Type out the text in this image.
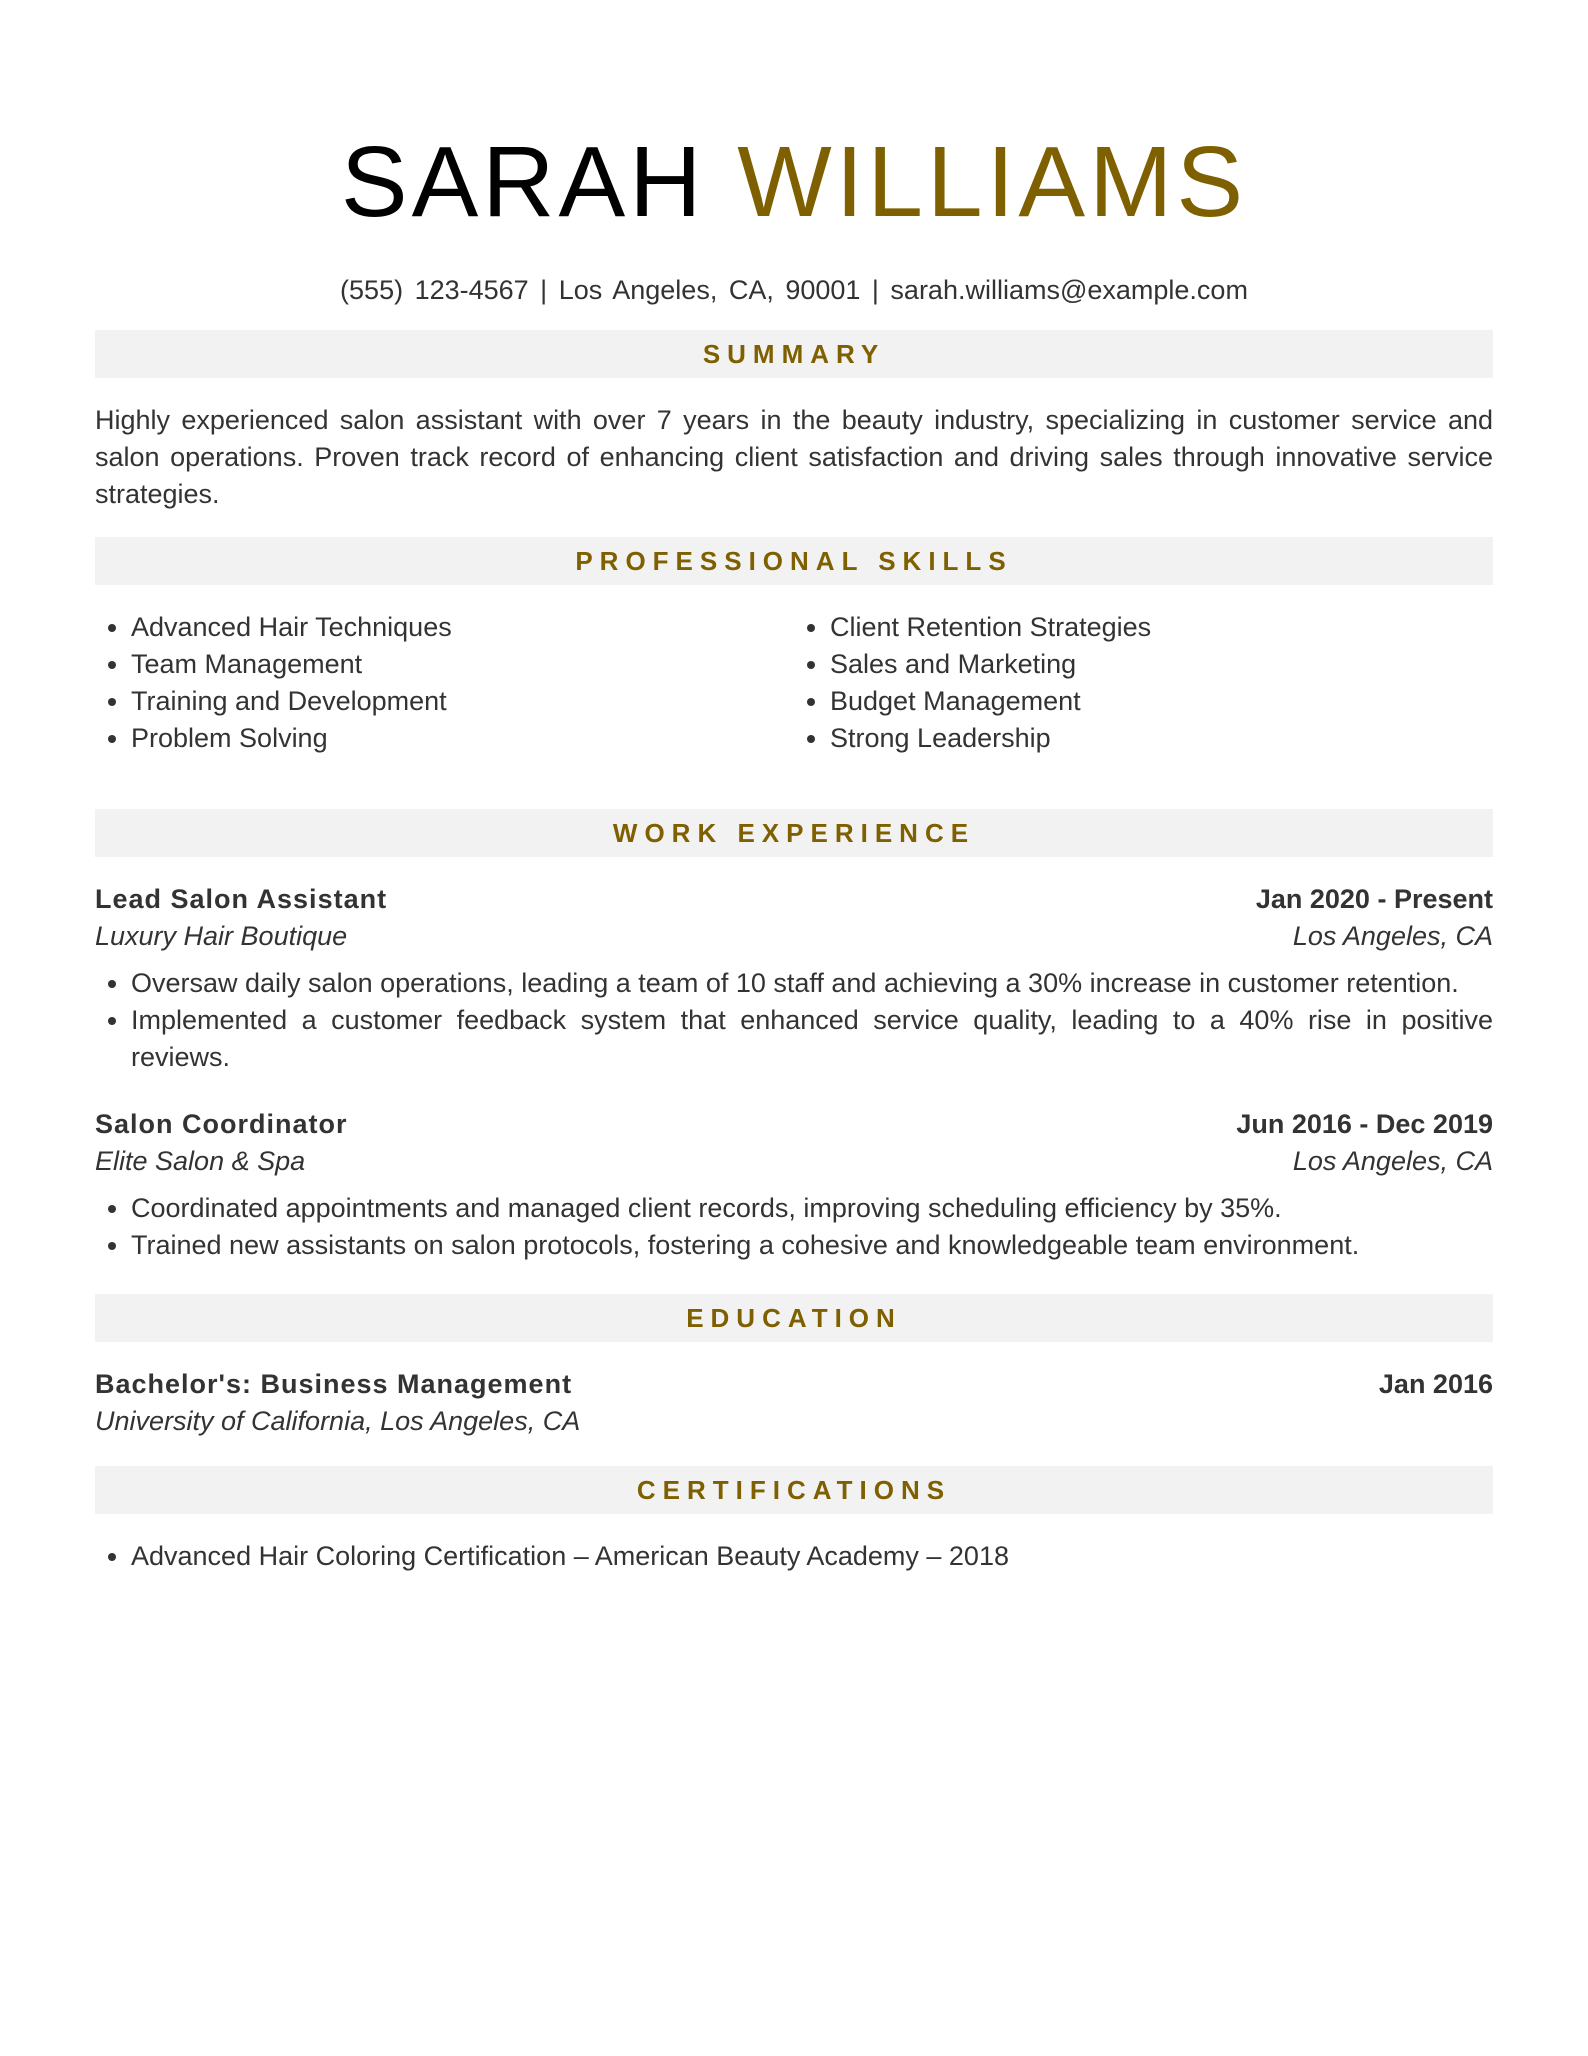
SARAH WILLIAMS
(555) 123-4567 | Los Angeles, CA, 90001 | sarah.williams@example.com
SUMMARY

Highly experienced salon assistant with over 7 years in the beauty industry, specializing in customer service and salon operations. Proven track record of enhancing client satisfaction and driving sales through innovative service strategies.

PROFESSIONAL SKILLS
• Advanced Hair Techniques
• Team Management
• Training and Development
• Problem Solving
• Client Retention Strategies
• Sales and Marketing
• Budget Management
• Strong Leadership
WORK EXPERIENCE
Lead Salon Assistant	Jan 2020 - Present
Luxury Hair Boutique	Los Angeles, CA
• Oversaw daily salon operations, leading a team of 10 staff and achieving a 30% increase in customer retention.
• Implemented a customer feedback system that enhanced service quality, leading to a 40% rise in positive reviews.
Salon Coordinator	Jun 2016 - Dec 2019
Elite Salon & Spa	Los Angeles, CA
• Coordinated appointments and managed client records, improving scheduling efficiency by 35%.
• Trained new assistants on salon protocols, fostering a cohesive and knowledgeable team environment.
EDUCATION
Bachelor's: Business Management	Jan 2016
University of California, Los Angeles, CA
CERTIFICATIONS
• Advanced Hair Coloring Certification – American Beauty Academy – 2018
